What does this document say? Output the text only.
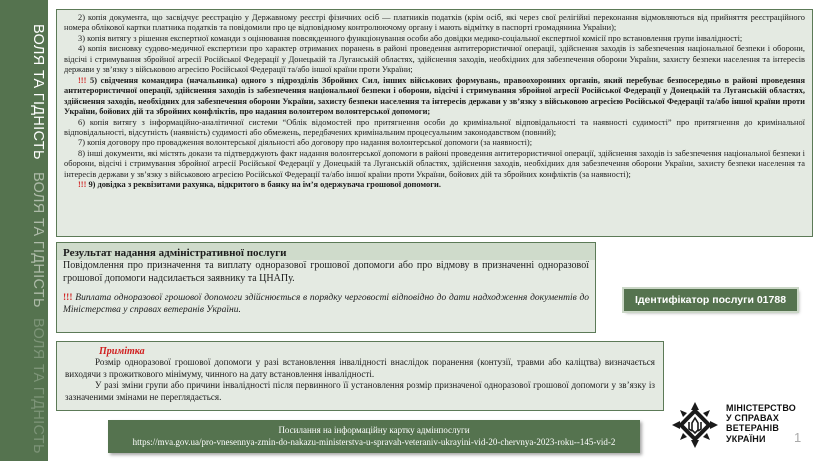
ВОЛЯ ТА ГІДНІСТЬ
ВОЛЯ ТА ГІДНІСТЬ
ВОЛЯ ТА ГІДНІСТЬ

2) копія документа, що засвідчує реєстрацію у Державному реєстрі фізичних осіб — платників податків (крім осіб, які через свої релігійні переконання відмовляються від прийняття реєстраційного номера облікової картки платника податків та повідомили про це відповідному контролюючому органу і мають відмітку в паспорті громадянина України);

3) копія витягу з рішення експертної команди з оцінювання повсякденного функціонування особи або довідки медико-соціальної експертної комісії про встановлення групи інвалідності;

4) копія висновку судово-медичної експертизи про характер отриманих поранень в районі проведення антитерористичної операції, здійснення заходів із забезпечення національної безпеки і оборони, відсічі і стримування збройної агресії Російської Федерації у Донецькій та Луганській областях, здійснення заходів, необхідних для забезпечення оборони України, захисту безпеки населення та інтересів держави у зв’язку з військовою агресією Російської Федерації та/або іншої країни проти України;

!!! 5) свідчення командира (начальника) одного з підрозділів Збройних Сил, інших військових формувань, правоохоронних органів, який перебуває безпосередньо в районі проведення антитерористичної операції, здійснення заходів із забезпечення національної безпеки і оборони, відсічі і стримування збройної агресії Російської Федерації у Донецькій та Луганській областях, здійснення заходів, необхідних для забезпечення оборони України, захисту безпеки населення та інтересів держави у зв’язку з військовою агресією Російської Федерації та/або іншої країни проти України, бойових дій та збройних конфліктів, про надання волонтером волонтерської допомоги;

6) копія витягу з інформаційно-аналітичної системи “Облік відомостей про притягнення особи до кримінальної відповідальності та наявності судимості” про притягнення до кримінальної відповідальності, відсутність (наявність) судимості або обмежень, передбачених кримінальним процесуальним законодавством (повний);

7) копія договору про провадження волонтерської діяльності або договору про надання волонтерської допомоги (за наявності);

8) інші документи, які містять докази та підтверджують факт надання волонтерської допомоги в районі проведення антитерористичної операції, здійснення заходів із забезпечення національної безпеки і оборони, відсічі і стримування збройної агресії Російської Федерації у Донецькій та Луганській областях, здійснення заходів, необхідних для забезпечення оборони України, захисту безпеки населення та інтересів держави у зв’язку з військовою агресією Російської Федерації та/або іншої країни проти України, бойових дій та збройних конфліктів (за наявності);

!!! 9) довідка з реквізитами рахунка, відкритого в банку на ім’я одержувача грошової допомоги.

Результат надання адміністративної послуги
Повідомлення про призначення та виплату одноразової грошової допомоги або про відмову в призначенні одноразової грошової допомоги надсилається заявнику та ЦНАПу.
!!! Виплата одноразової грошової допомоги здійснюється в порядку черговості відповідно до дати надходження документів до Міністерства у справах ветеранів України.
Ідентифікатор послуги 01788
Примітка

Розмір одноразової грошової допомоги у разі встановлення інвалідності внаслідок поранення (контузії, травми або каліцтва) визначається виходячи з прожиткового мінімуму, чинного на дату встановлення інвалідності.

У разі зміни групи або причини інвалідності після первинного її установлення розмір призначеної одноразової грошової допомоги у зв’язку із зазначеними змінами не переглядається.

Посилання на інформаційну картку адмінпослуги
https://mva.gov.ua/pro-vnesennya-zmin-do-nakazu-ministerstva-u-spravah-veteraniv-ukrayini-vid-20-chervnya-2023-roku--145-vid-2
МІНІСТЕРСТВО
У СПРАВАХ
ВЕТЕРАНІВ
УКРАЇНИ	1
